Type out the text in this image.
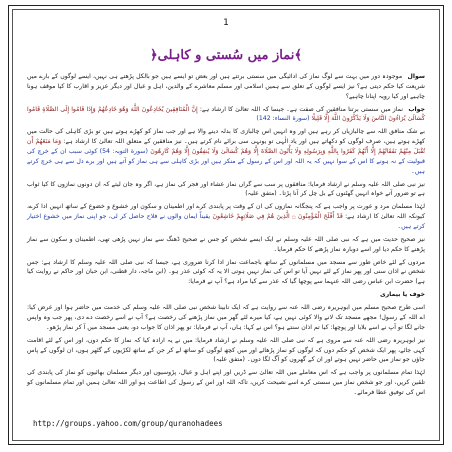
1
﴾نماز میں سُستی و کاہلی﴿

سوال موجودہ دور میں بہت سے لوگ نماز کی ادائیگی میں سستی برتتے ہیں اور بعض تو ایسے ہیں جو بالکل پڑھتے ہی نہیں، ایسے لوگوں کے بارے میں شریعت کیا حکم دیتی ہے؟ نیز ایسے لوگوں کے تعلق سے ہمیں اسلامی اور مسلم معاشرے کے والدین، اہل و عیال اور دیگر عزیز و اقارب کا کیا موقف ہونا چاہیے اور کیا رویہ اپنانا چاہیے؟

جواب نماز میں سستی برتنا منافقین کی صفت ہے۔ جیسا کہ اللہ تعالیٰ کا ارشاد ہے: إِنَّ الْمُنَافِقِينَ يُخَادِعُونَ اللَّهَ وَهُوَ خَادِعُهُمْ وَإِذَا قَامُوا إِلَى الصَّلَاةِ قَامُوا كُسَالَىٰ يُرَاءُونَ النَّاسَ وَلَا يَذْكُرُونَ اللَّهَ إِلَّا قَلِيلًا (سورة النساء: 142)

بے شک منافق اللہ سے چالبازیاں کر رہے ہیں اور وہ انہیں اس چالبازی کا بدلہ دینے والا ہے اور جب نماز کو کھڑے ہوتے ہیں تو بڑی کاہلی کی حالت میں کھڑے ہوتے ہیں، صرف لوگوں کو دکھاتے ہیں اور یاد الٰہی تو یونہی سی برائے نام کرتے ہیں۔ نیز منافقین کے متعلق اللہ تعالیٰ کا ارشاد ہے: وَمَا مَنَعَهُمْ أَن تُقْبَلَ مِنْهُمْ نَفَقَاتُهُمْ إِلَّا أَنَّهُمْ كَفَرُوا بِاللَّهِ وَبِرَسُولِهِ وَلَا يَأْتُونَ الصَّلَاةَ إِلَّا وَهُمْ كُسَالَىٰ وَلَا يُنفِقُونَ إِلَّا وَهُمْ كَارِهُونَ (سورة التوبہ: 54) کوئی سبب ان کے خرچ کی قبولیت کے نہ ہونے کا اس کے سوا نہیں کہ یہ اللہ اور اس کے رسول کے منکر ہیں اور بڑی کاہلی سے ہی نماز کو آتے ہیں اور برے دل سے ہی خرچ کرتے ہیں۔

نیز نبی صلی اللہ علیہ وسلم نے ارشاد فرمایا: منافقوں پر سب سے گراں نماز عشاء اور فجر کی نماز ہے، اگر وہ جان لیتے کہ ان دونوں نمازوں کا کیا ثواب ہے تو ضرور آتے خواہ انہیں گھٹنوں کے بل چل کر آنا پڑتا۔ (متفق علیہ)

لہٰذا مسلمان مرد و عورت پر واجب ہے کہ پنجگانہ نمازوں کی ان کے وقت پر پابندی کرے اور اطمینان و سکون اور خشوع و خضوع کے ساتھ انہیں ادا کرے، کیونکہ اللہ تعالیٰ کا ارشاد ہے: قَدْ أَفْلَحَ الْمُؤْمِنُونَ ۝ الَّذِينَ هُمْ فِي صَلَاتِهِمْ خَاشِعُونَ یقیناً ایمان والوں نے فلاح حاصل کر لی، جو اپنی نماز میں خشوع اختیار کرتے ہیں۔

نیز صحیح حدیث میں ہے کہ نبی صلی اللہ علیہ وسلم نے ایک ایسے شخص کو جس نے صحیح ڈھنگ سے نماز نہیں پڑھی تھی، اطمینان و سکون سے نماز پڑھنے کا حکم دیا اور اسے دوبارہ نماز پڑھنے کا حکم فرمایا۔

مردوں کے لئے خاص طور سے مسجد میں مسلمانوں کے ساتھ باجماعت نماز ادا کرنا ضروری ہے، جیسا کہ نبی صلی اللہ علیہ وسلم کا ارشاد ہے: جس شخص نے اذان سنی اور پھر نماز کے لئے نہیں آیا تو اس کی نماز نہیں ہوتی الا یہ کہ کوئی عذر ہو۔ (ابن ماجہ، دار قطنی، ابن حبان اور حاکم نے روایت کیا ہے) حضرت ابن عباس رضی اللہ عنہما سے پوچھا گیا کہ عذر سے کیا مراد ہے؟ آپ نے فرمایا:

خوف یا بیماری

اسی طرح صحیح مسلم میں ابوہریرہ رضی اللہ عنہ سے روایت ہے کہ ایک نابینا شخص نبی صلی اللہ علیہ وسلم کی خدمت میں حاضر ہوا اور عرض کیا: اے اللہ کے رسول! مجھے مسجد تک لانے والا کوئی نہیں ہے، کیا میرے لئے گھر میں نماز پڑھنے کی رخصت ہے؟ آپ نے اسے رخصت دے دی، پھر جب وہ واپس جانے لگا تو آپ نے اسے بلایا اور پوچھا: کیا تم اذان سنتے ہو؟ اس نے کہا: ہاں، آپ نے فرمایا: تو پھر اذان کا جواب دو، یعنی مسجد میں آ کر نماز پڑھو۔

نیز ابوہریرہ رضی اللہ عنہ سے مروی ہے کہ نبی صلی اللہ علیہ وسلم نے ارشاد فرمایا: میں نے یہ ارادہ کیا کہ نماز کا حکم دوں، اور اس کے لئے اقامت کہی جائے، پھر ایک شخص کو حکم دوں کہ لوگوں کو نماز پڑھائے اور میں کچھ لوگوں کو ساتھ لے کر جن کے ساتھ لکڑیوں کے گٹھر ہوں، ان لوگوں کے پاس جاؤں جو نماز میں حاضر نہیں ہوتے اور ان کے گھروں کو آگ لگا دوں۔ (متفق علیہ)

لہٰذا تمام مسلمانوں پر واجب ہے کہ اس معاملے میں اللہ تعالیٰ سے ڈریں اور اپنے اہل و عیال، پڑوسیوں اور دیگر مسلمان بھائیوں کو نماز کی پابندی کی تلقین کریں، اور جو شخص نماز میں سستی کرے اسے نصیحت کریں، تاکہ اللہ اور اس کے رسول کی اطاعت ہو اور اللہ تعالیٰ ہمیں اور تمام مسلمانوں کو اس کی توفیق عطا فرمائے۔

http://groups.yahoo.com/group/quranohadees
